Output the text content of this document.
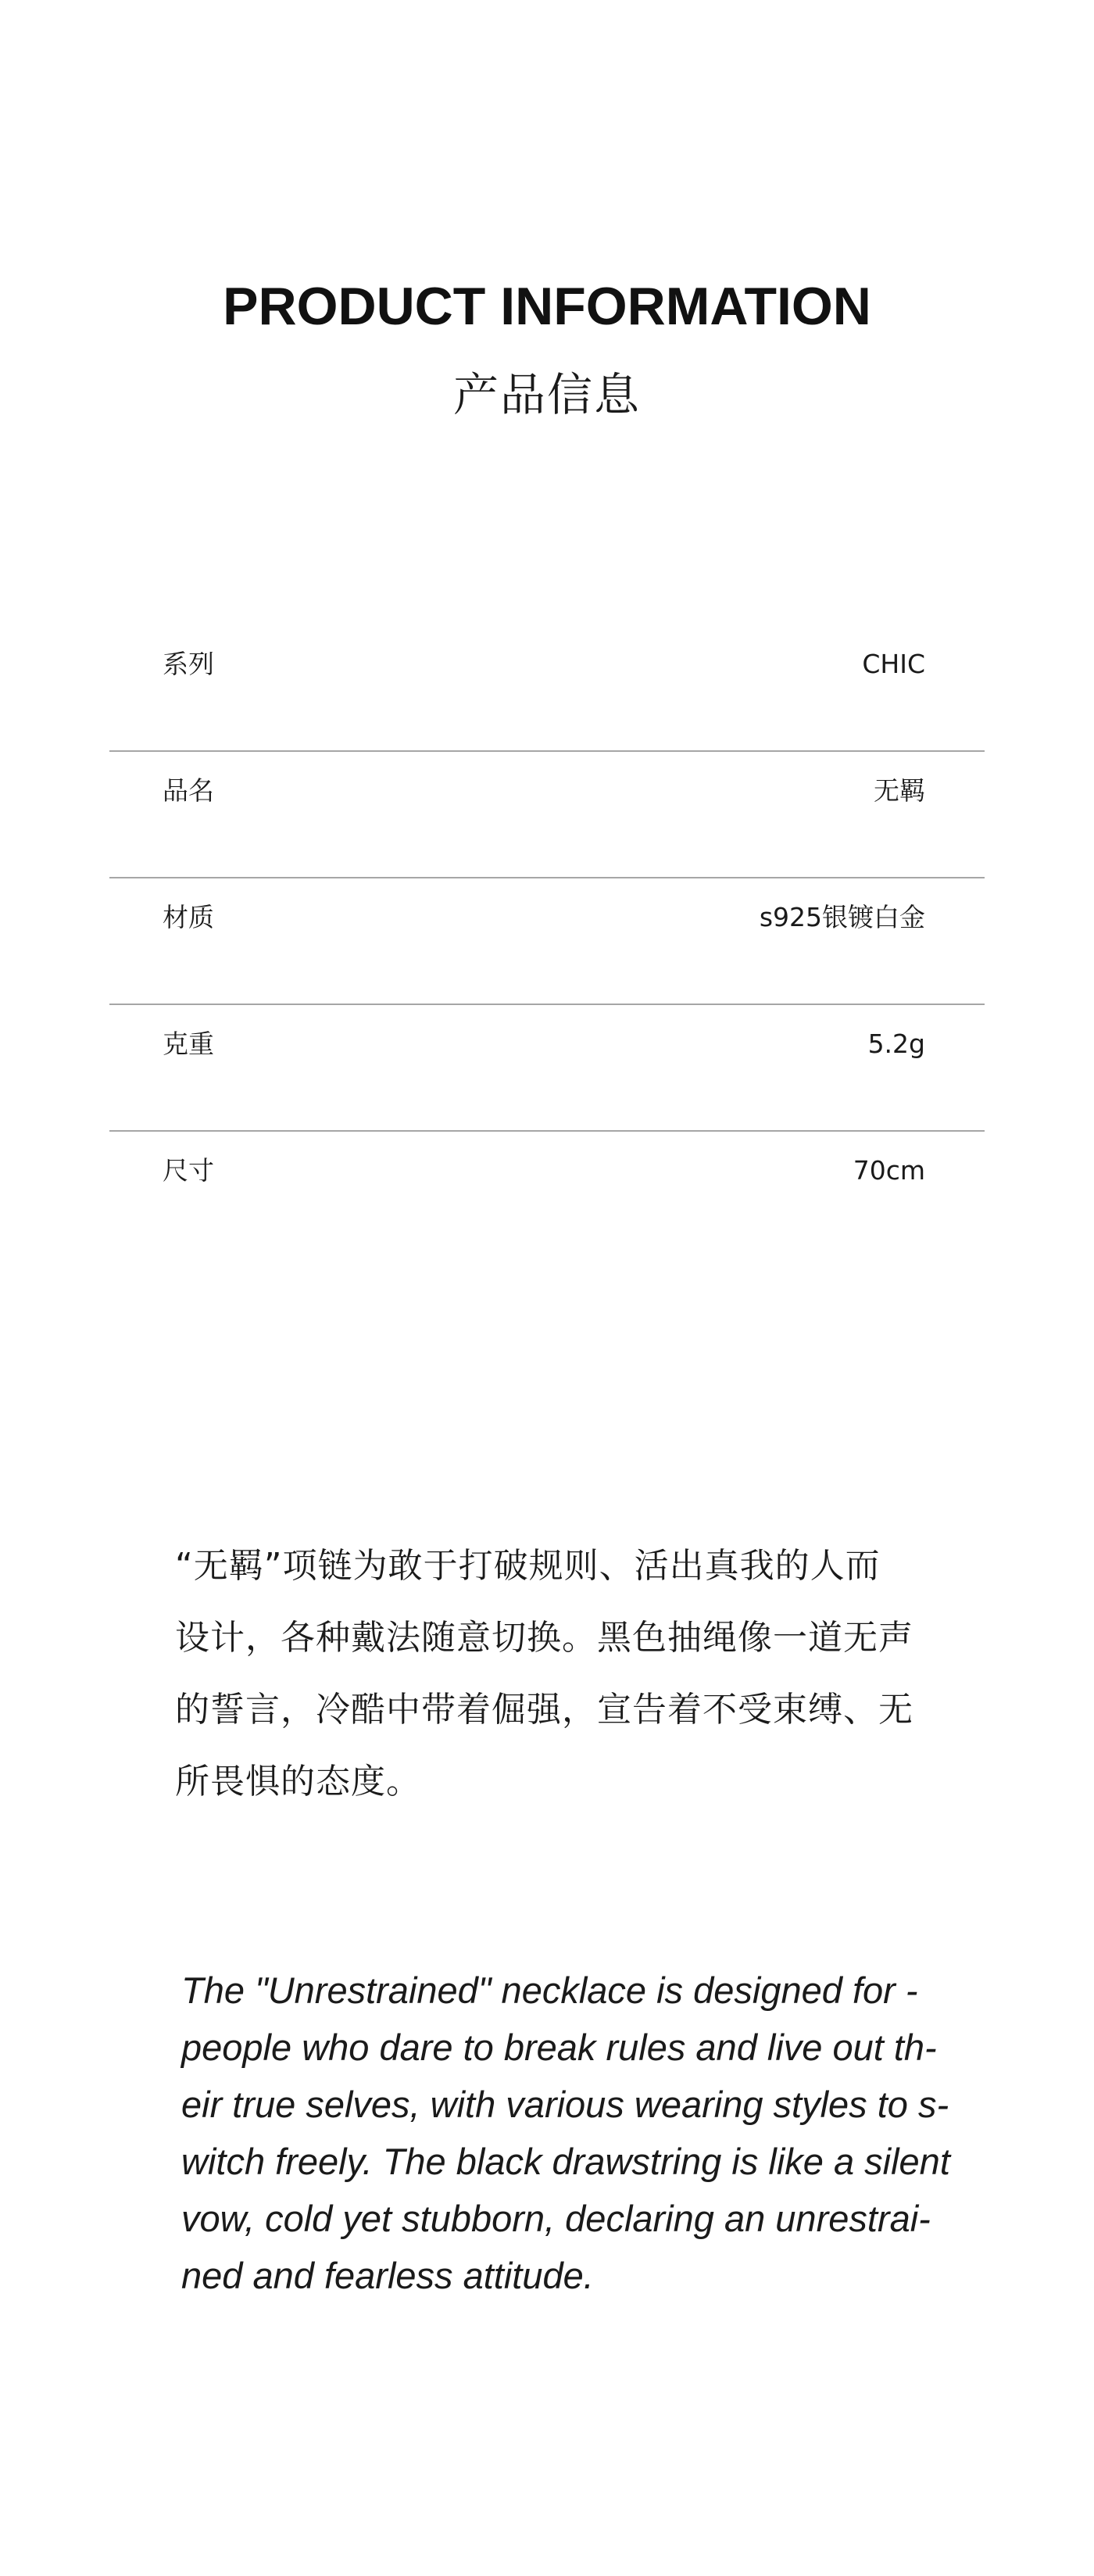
PRODUCT INFORMATION
产品信息
系列	CHIC
品名	无羁
材质	s925银镀白金
克重	5.2g
尺寸	70cm
“无羁”项链为敢于打破规则、活出真我的人而
设计，各种戴法随意切换。黑色抽绳像一道无声
的誓言，冷酷中带着倔强，宣告着不受束缚、无
所畏惧的态度。
The "Unrestrained" necklace is designed for -
people who dare to break rules and live out th-
eir true selves, with various wearing styles to s-
witch freely. The black drawstring is like a silent
vow, cold yet stubborn, declaring an unrestrai-
ned and fearless attitude.
